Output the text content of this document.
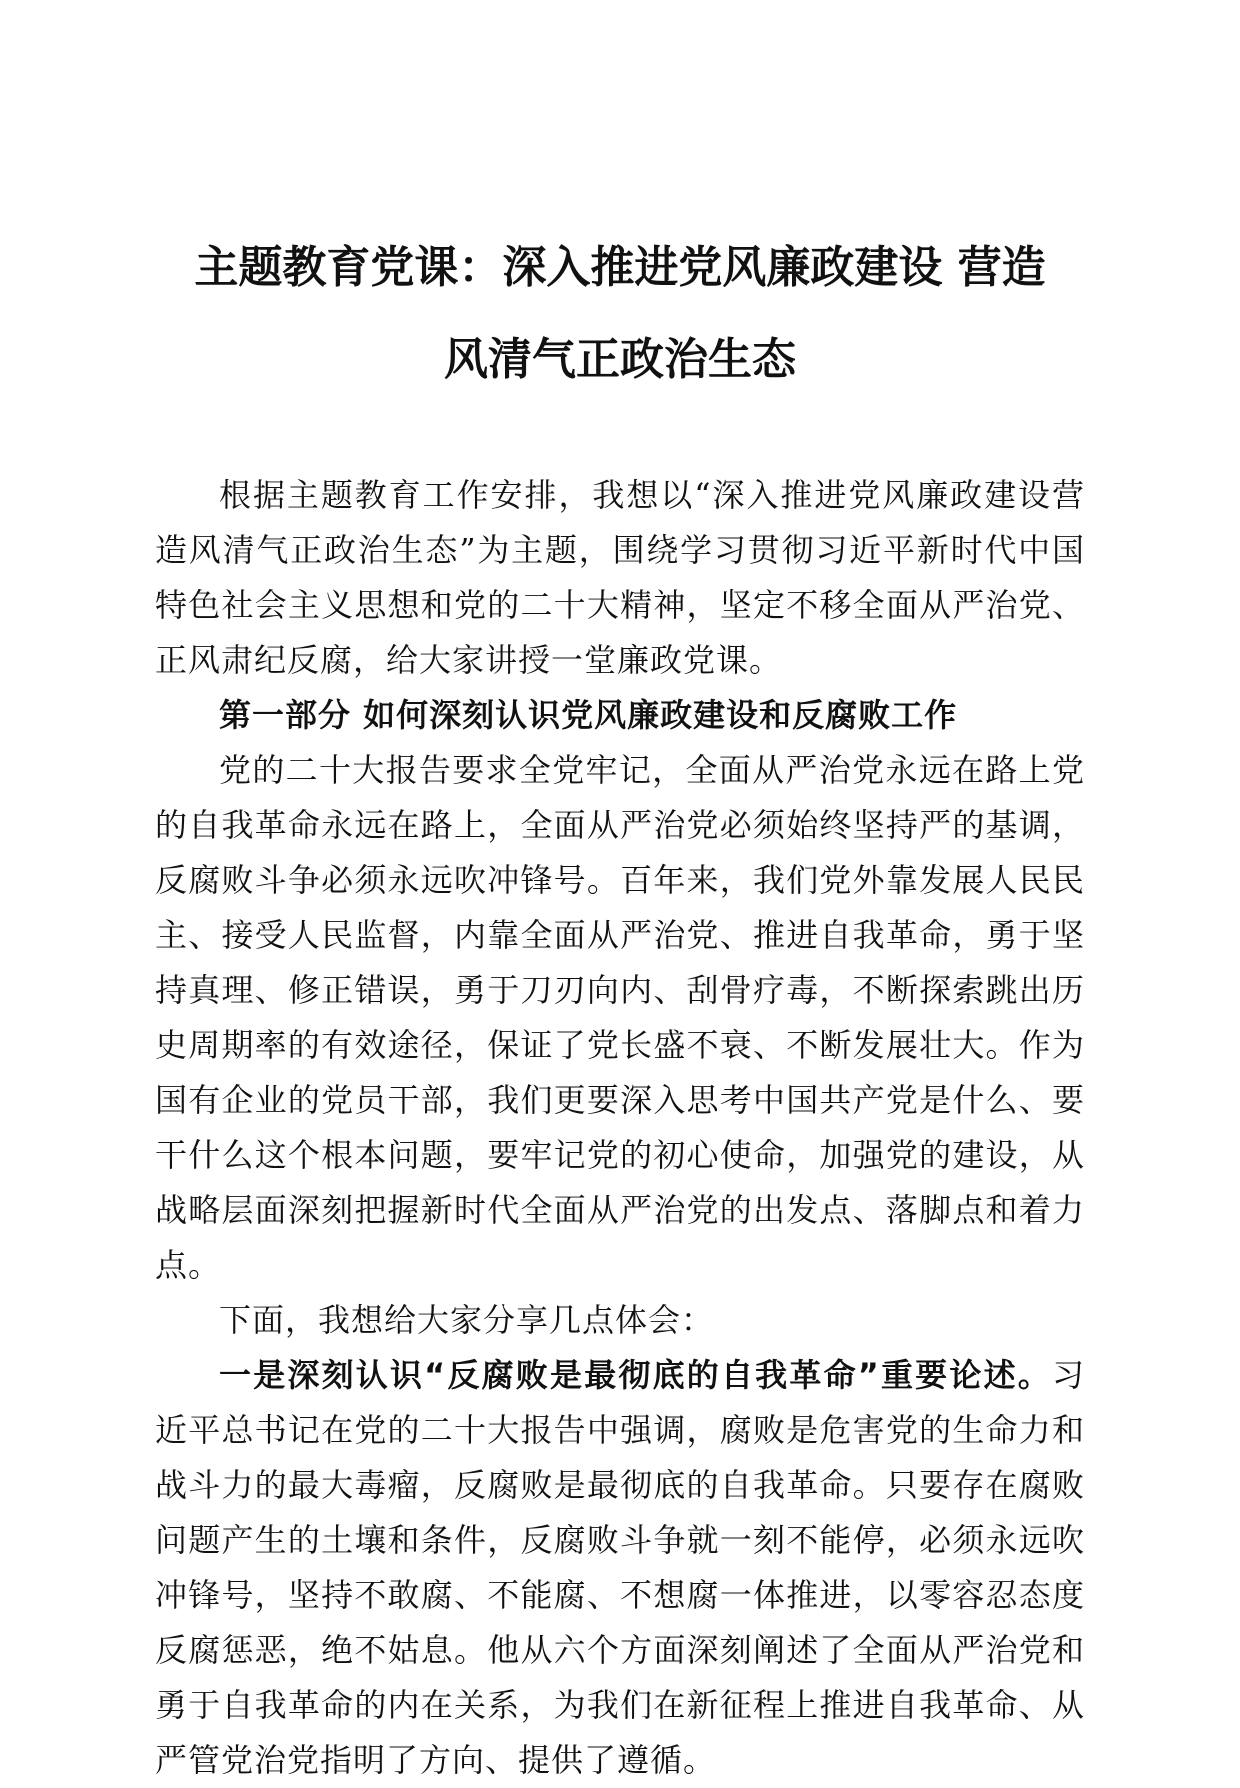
主题教育党课：深入推进党风廉政建设 营造
风清气正政治生态

根据主题教育工作安排，我想以“深入推进党风廉政建设营造风清气正政治生态”为主题，围绕学习贯彻习近平新时代中国特色社会主义思想和党的二十大精神，坚定不移全面从严治党、正风肃纪反腐，给大家讲授一堂廉政党课。

第一部分 如何深刻认识党风廉政建设和反腐败工作

党的二十大报告要求全党牢记，全面从严治党永远在路上党的自我革命永远在路上，全面从严治党必须始终坚持严的基调，反腐败斗争必须永远吹冲锋号。百年来，我们党外靠发展人民民主、接受人民监督，内靠全面从严治党、推进自我革命，勇于坚持真理、修正错误，勇于刀刃向内、刮骨疗毒，不断探索跳出历史周期率的有效途径，保证了党长盛不衰、不断发展壮大。作为国有企业的党员干部，我们更要深入思考中国共产党是什么、要干什么这个根本问题，要牢记党的初心使命，加强党的建设，从战略层面深刻把握新时代全面从严治党的出发点、落脚点和着力点。

下面，我想给大家分享几点体会：

一是深刻认识“反腐败是最彻底的自我革命”重要论述。习近平总书记在党的二十大报告中强调，腐败是危害党的生命力和战斗力的最大毒瘤，反腐败是最彻底的自我革命。只要存在腐败问题产生的土壤和条件，反腐败斗争就一刻不能停，必须永远吹冲锋号，坚持不敢腐、不能腐、不想腐一体推进，以零容忍态度反腐惩恶，绝不姑息。他从六个方面深刻阐述了全面从严治党和勇于自我革命的内在关系，为我们在新征程上推进自我革命、从严管党治党指明了方向、提供了遵循。
